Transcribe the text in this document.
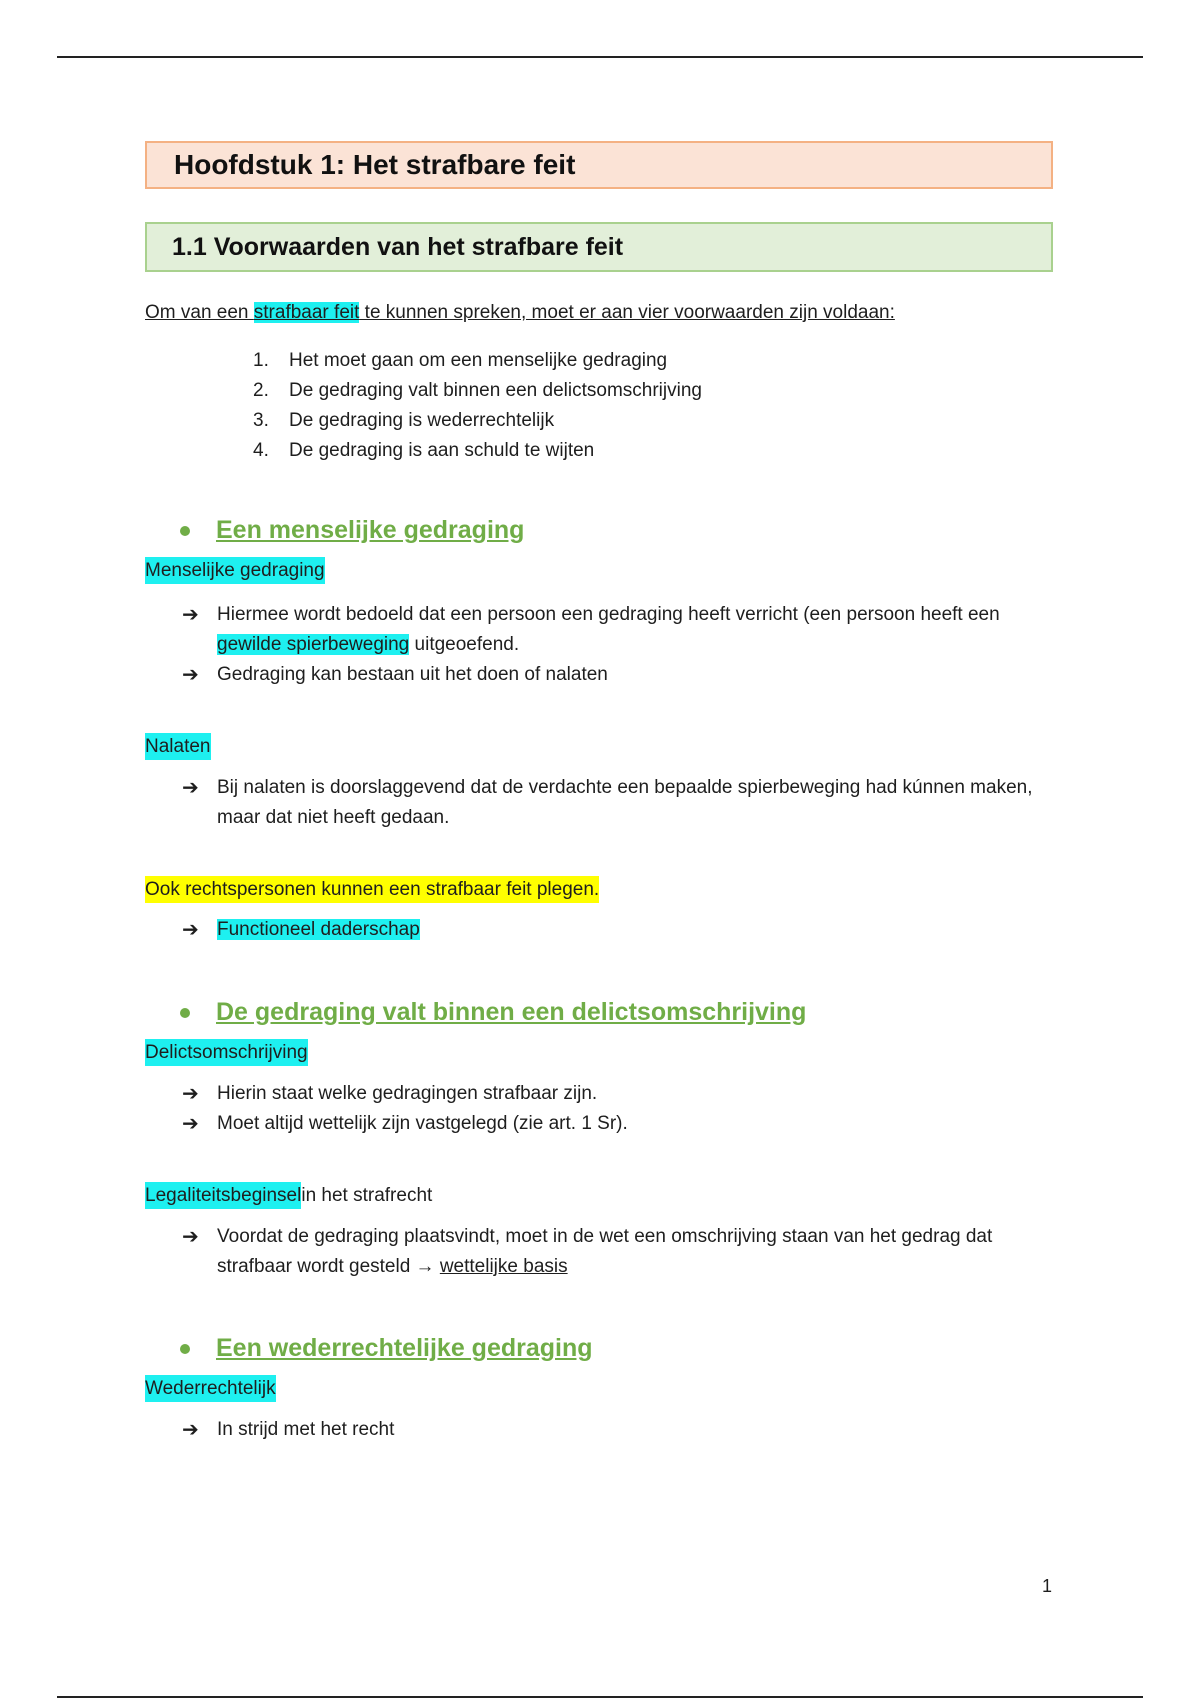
Hoofdstuk 1: Het strafbare feit
1.1 Voorwaarden van het strafbare feit
Om van een strafbaar feit te kunnen spreken, moet er aan vier voorwaarden zijn voldaan:
1.	Het moet gaan om een menselijke gedraging
2.	De gedraging valt binnen een delictsomschrijving
3.	De gedraging is wederrechtelijk
4.	De gedraging is aan schuld te wijten
Een menselijke gedraging
Menselijke gedraging
➔ Hiermee wordt bedoeld dat een persoon een gedraging heeft verricht (een persoon heeft een gewilde spierbeweging uitgeoefend.
➔ Gedraging kan bestaan uit het doen of nalaten
Nalaten
➔ Bij nalaten is doorslaggevend dat de verdachte een bepaalde spierbeweging had kúnnen maken, maar dat niet heeft gedaan.
Ook rechtspersonen kunnen een strafbaar feit plegen.
➔ Functioneel daderschap
De gedraging valt binnen een delictsomschrijving
Delictsomschrijving
➔ Hierin staat welke gedragingen strafbaar zijn.
➔ Moet altijd wettelijk zijn vastgelegd (zie art. 1 Sr).
Legaliteitsbeginselin het strafrecht
➔ Voordat de gedraging plaatsvindt, moet in de wet een omschrijving staan van het gedrag dat strafbaar wordt gesteld → wettelijke basis
Een wederrechtelijke gedraging
Wederrechtelijk
➔ In strijd met het recht
1
